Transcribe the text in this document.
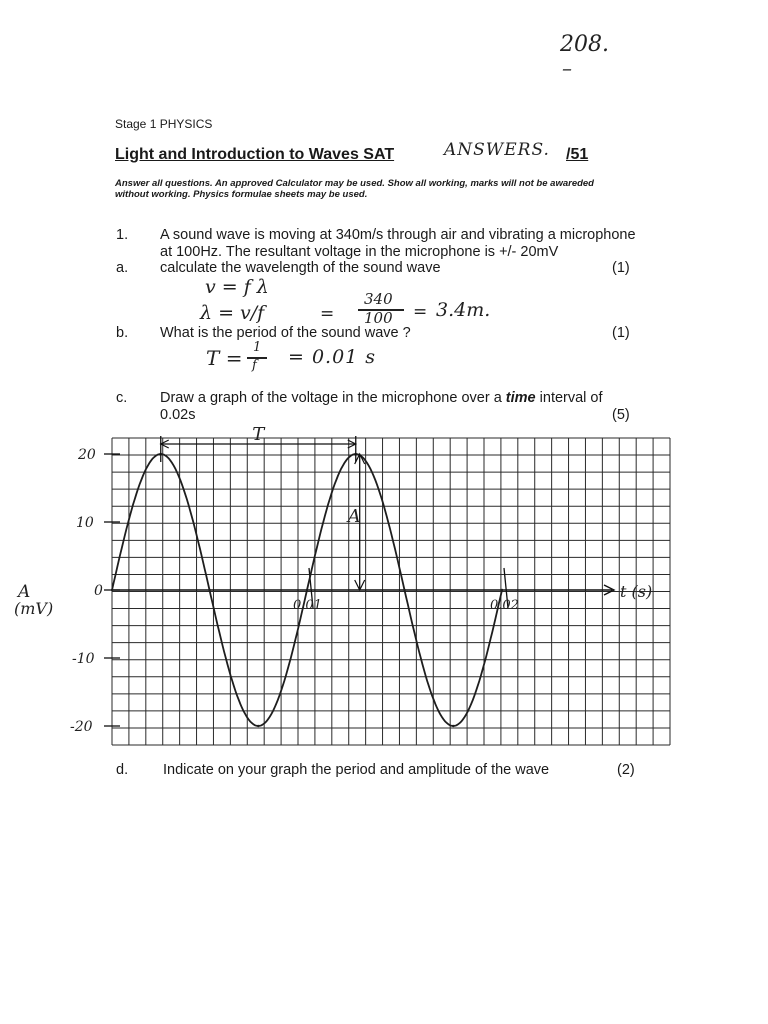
208.
–
Stage 1 PHYSICS
Light and Introduction to Waves SAT	ANSWERS. /51
Answer all questions. An approved Calculator may be used. Show all working, marks will not be awareded
without working. Physics formulae sheets may be used.
1. A sound wave is moving at 340m/s through air and vibrating a microphone
at 100Hz. The resultant voltage in the microphone is +/- 20mV
a. calculate the wavelength of the sound wave	(1)
v = f λ
λ = v/f	=
340
100 = 3.4m.
b. What is the period of the sound wave ?	(1)
T = 1
f = 0.01 s
c. Draw a graph of the voltage in the microphone over a time interval of
0.02s	(5)
A
(mV)
t (s)
T
A
20
10
0
-10
-20
0.01	0.02
d. Indicate on your graph the period and amplitude of the wave	(2)
